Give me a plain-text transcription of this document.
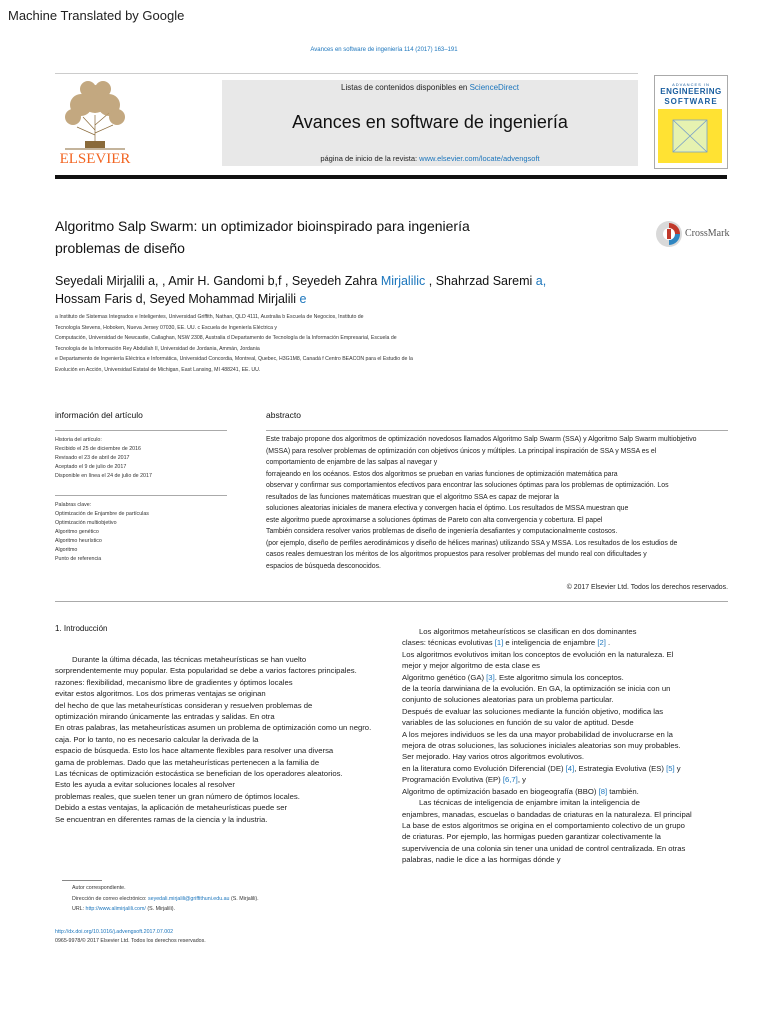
Machine Translated by Google
Avances en software de ingeniería 114 (2017) 163–191
ELSEVIER
Listas de contenidos disponibles en ScienceDirect
Avances en software de ingeniería
página de inicio de la revista: www.elsevier.com/locate/advengsoft
ADVANCES IN
ENGINEERING
SOFTWARE
Algoritmo Salp Swarm: un optimizador bioinspirado para ingeniería
problemas de diseño
CrossMark
Seyedali Mirjalili a, , Amir H. Gandomi b,f , Seyedeh Zahra Mirjalilic , Shahrzad Saremi a,
Hossam Faris d, Seyed Mohammad Mirjalili e
a Instituto de Sistemas Integrados e Inteligentes, Universidad Griffith, Nathan, QLD 4111, Australia b Escuela de Negocios, Instituto de
Tecnología Stevens, Hoboken, Nueva Jersey 07030, EE. UU. c Escuela de Ingeniería Eléctrica y
Computación, Universidad de Newcastle, Callaghan, NSW 2308, Australia d Departamento de Tecnología de la Información Empresarial, Escuela de
Tecnología de la Información Rey Abdullah II, Universidad de Jordania, Ammán, Jordania
e Departamento de Ingeniería Eléctrica e Informática, Universidad Concordia, Montreal, Quebec, H3G1M8, Canadá f Centro BEACON para el Estudio de la
Evolución en Acción, Universidad Estatal de Michigan, East Lansing, MI 488241, EE. UU.
información del artículo
Historia del artículo:
Recibido el 25 de diciembre de 2016
Revisado el 23 de abril de 2017
Aceptado el 9 de julio de 2017
Disponible en línea el 24 de julio de 2017
Palabras clave:
Optimización de Enjambre de partículas
Optimización multiobjetivo
Algoritmo genético
Algoritmo heurístico
Algoritmo
Punto de referencia
abstracto
Este trabajo propone dos algoritmos de optimización novedosos llamados Algoritmo Salp Swarm (SSA) y Algoritmo Salp Swarm multiobjetivo
(MSSA) para resolver problemas de optimización con objetivos únicos y múltiples. La principal inspiración de SSA y MSSA es el
comportamiento de enjambre de las salpas al navegar y
forrajeando en los océanos. Estos dos algoritmos se prueban en varias funciones de optimización matemática para
observar y confirmar sus comportamientos efectivos para encontrar las soluciones óptimas para los problemas de optimización. Los
resultados de las funciones matemáticas muestran que el algoritmo SSA es capaz de mejorar la
soluciones aleatorias iniciales de manera efectiva y convergen hacia el óptimo. Los resultados de MSSA muestran que
este algoritmo puede aproximarse a soluciones óptimas de Pareto con alta convergencia y cobertura. El papel
También considera resolver varios problemas de diseño de ingeniería desafiantes y computacionalmente costosos.
(por ejemplo, diseño de perfiles aerodinámicos y diseño de hélices marinas) utilizando SSA y MSSA. Los resultados de los estudios de
casos reales demuestran los méritos de los algoritmos propuestos para resolver problemas del mundo real con dificultades y
espacios de búsqueda desconocidos.
© 2017 Elsevier Ltd. Todos los derechos reservados.
1. Introducción

Durante la última década, las técnicas metaheurísticas se han vuelto

sorprendentemente muy popular. Esta popularidad se debe a varios factores principales.

razones: flexibilidad, mecanismo libre de gradientes y óptimos locales

evitar estos algoritmos. Los dos primeras ventajas se originan

del hecho de que las metaheurísticas consideran y resuelven problemas de

optimización mirando únicamente las entradas y salidas. En otra

En otras palabras, las metaheurísticas asumen un problema de optimización como un negro.

caja. Por lo tanto, no es necesario calcular la derivada de la

espacio de búsqueda. Esto los hace altamente flexibles para resolver una diversa

gama de problemas. Dado que las metaheurísticas pertenecen a la familia de

Las técnicas de optimización estocástica se benefician de los operadores aleatorios.

Esto les ayuda a evitar soluciones locales al resolver

problemas reales, que suelen tener un gran número de óptimos locales.

Debido a estas ventajas, la aplicación de metaheurísticas puede ser

Se encuentran en diferentes ramas de la ciencia y la industria.

Los algoritmos metaheurísticos se clasifican en dos dominantes

clases: técnicas evolutivas [1] e inteligencia de enjambre [2] .

Los algoritmos evolutivos imitan los conceptos de evolución en la naturaleza. El

mejor y mejor algoritmo de esta clase es

Algoritmo genético (GA) [3]. Este algoritmo simula los conceptos.

de la teoría darwiniana de la evolución. En GA, la optimización se inicia con un

conjunto de soluciones aleatorias para un problema particular.

Después de evaluar las soluciones mediante la función objetivo, modifica las

variables de las soluciones en función de su valor de aptitud. Desde

A los mejores individuos se les da una mayor probabilidad de involucrarse en la

mejora de otras soluciones, las soluciones iniciales aleatorias son muy probables.

Ser mejorado. Hay varios otros algoritmos evolutivos.

en la literatura como Evolución Diferencial (DE) [4], Estrategia Evolutiva (ES) [5] y

Programación Evolutiva (EP) [6,7], y

Algoritmo de optimización basado en biogeografía (BBO) [8] también.

Las técnicas de inteligencia de enjambre imitan la inteligencia de

enjambres, manadas, escuelas o bandadas de criaturas en la naturaleza. El principal

La base de estos algoritmos se origina en el comportamiento colectivo de un grupo

de criaturas. Por ejemplo, las hormigas pueden garantizar colectivamente la

supervivencia de una colonia sin tener una unidad de control centralizada. En otras

palabras, nadie le dice a las hormigas dónde y

Autor correspondiente.
Dirección de correo electrónico: seyedali.mirjalili@griffithuni.edu.au (S. Mirjalili).
URL: http://www.alimirjalili.com/ (S. Mirjalili).
http://dx.doi.org/10.1016/j.advengsoft.2017.07.002
0965-9978/© 2017 Elsevier Ltd. Todos los derechos reservados.
